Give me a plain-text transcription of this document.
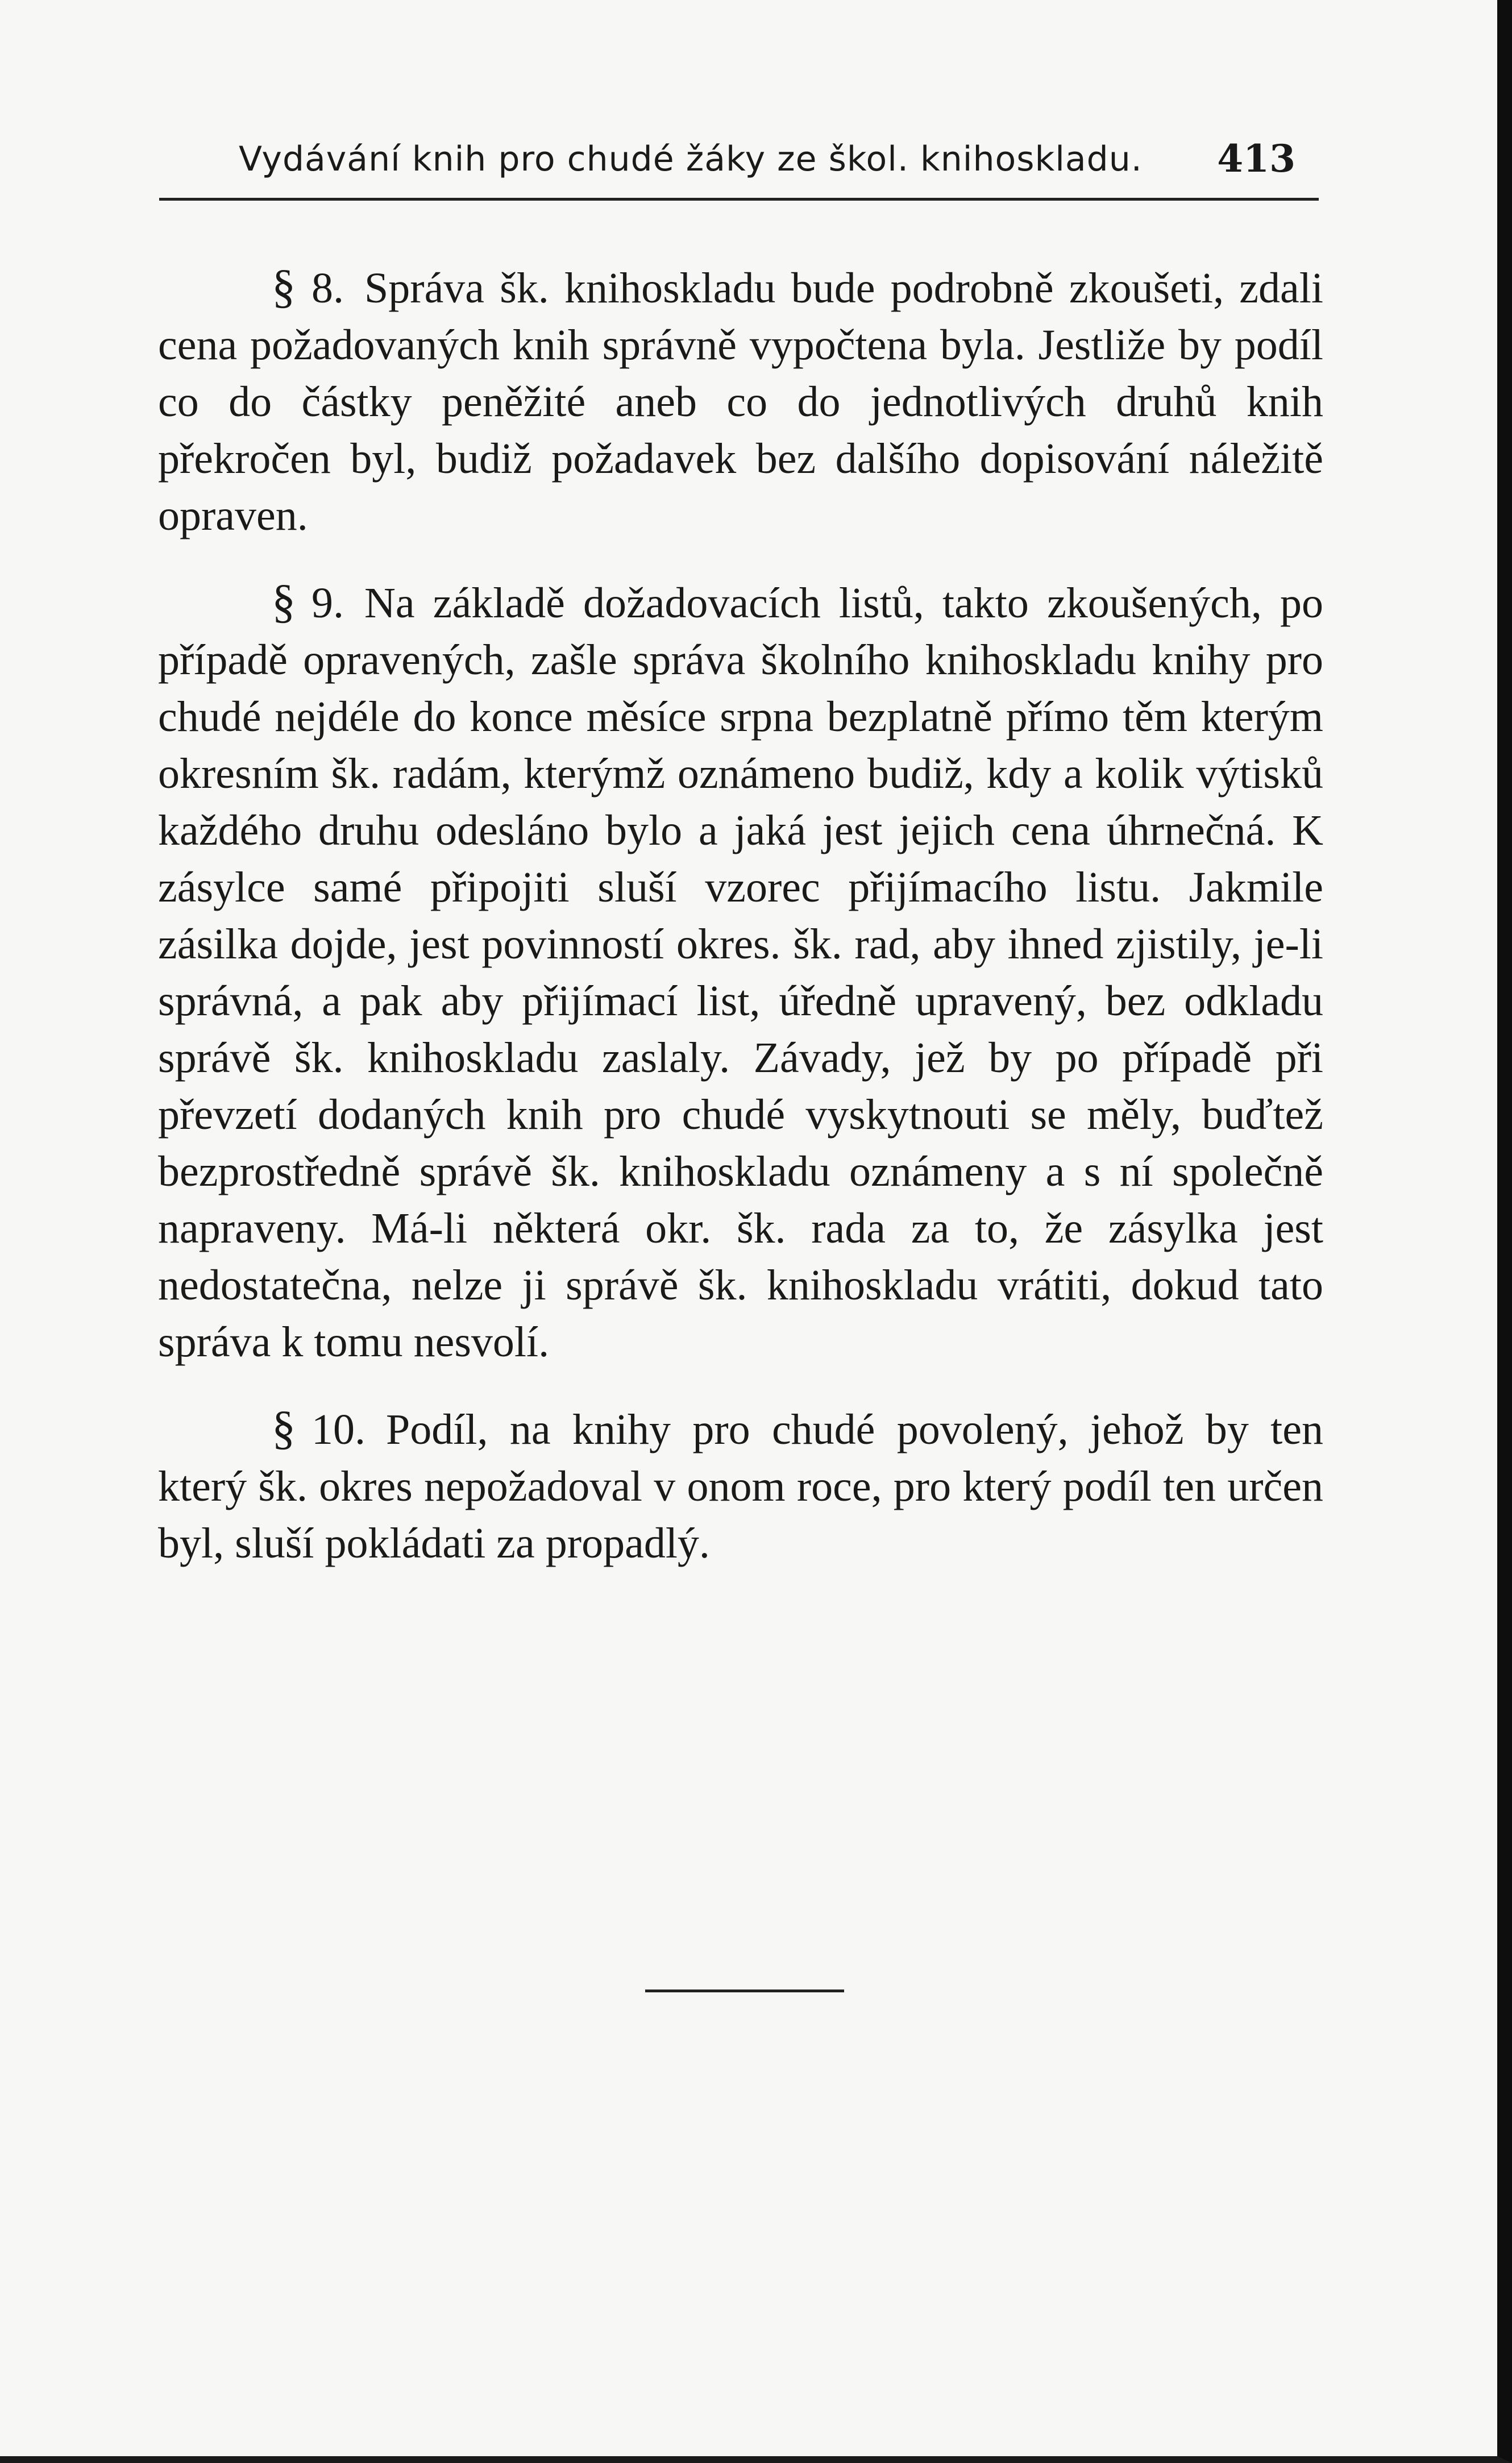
Vydávání knih pro chudé žáky ze škol. knihoskladu.	413

§ 8. Správa šk. knihoskladu bude podrobně zkoušeti, zdali cena požadovaných knih správně vypočtena byla. Jestliže by podíl co do částky peněžité aneb co do jednotlivých druhů knih překročen byl, budiž požadavek bez dalšího dopisování náležitě opraven.

§ 9. Na základě dožadovacích listů, takto zkoušených, po případě opravených, zašle správa školního knihoskladu knihy pro chudé nejdéle do konce měsíce srpna bezplatně přímo těm kterým okresním šk. radám, kterýmž oznámeno budiž, kdy a kolik výtisků každého druhu odesláno bylo a jaká jest jejich cena úhrnečná. K zásylce samé připojiti sluší vzorec přijímacího listu. Jakmile zásilka dojde, jest povinností okres. šk. rad, aby ihned zjistily, je-li správná, a pak aby přijímací list, úředně upravený, bez odkladu správě šk. knihoskladu zaslaly. Závady, jež by po případě při převzetí dodaných knih pro chudé vyskytnouti se měly, buďtež bezprostředně správě šk. knihoskladu oznámeny a s ní společně napraveny. Má-li některá okr. šk. rada za to, že zásylka jest nedostatečna, nelze ji správě šk. knihoskladu vrátiti, dokud tato správa k tomu nesvolí.

§ 10. Podíl, na knihy pro chudé povolený, jehož by ten který šk. okres nepožadoval v onom roce, pro který podíl ten určen byl, sluší pokládati za propadlý.
